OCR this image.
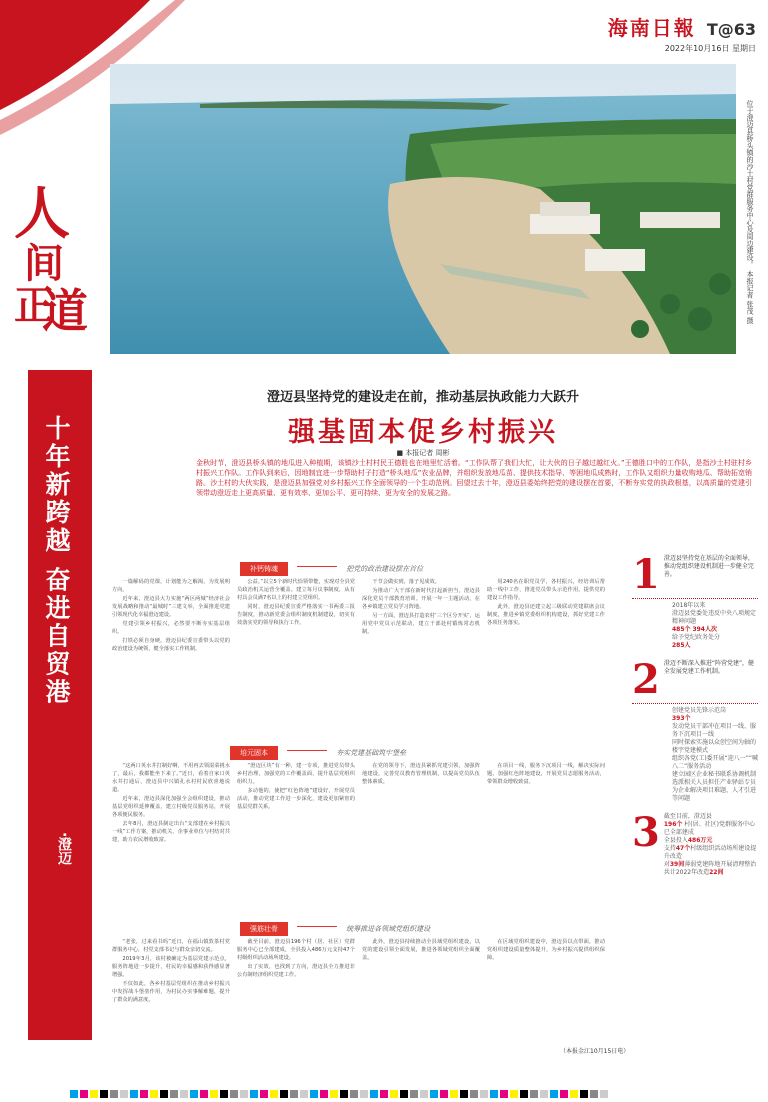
海南日報 T@63
2022年10月16日 星期日
位于澄迈县桥头镇的沙土村党群服务中心及周边建设。 本报记者 张茂 摄
人
间
正
道
十年新跨越 奋进自贸港
·澄迈
澄迈县坚持党的建设走在前，推动基层执政能力大跃升
强基固本促乡村振兴
■ 本报记者 周彬
金秋时节，澄迈县桥头镇的地瓜进入种植期，该镇沙土村村民王德胜也在地里忙活着。“工作队帮了我们大忙，让大伙的日子越过越红火。”王德胜口中的工作队，是指沙土村驻村乡村振兴工作队。工作队到来后，因地制宜进一步帮助村子打造“桥头地瓜”农业品牌，并组织发放地瓜苗、提供技术指导、等困地瓜成熟时，工作队又组织力量收购地瓜、帮助拓宽销路。沙土村的大伙实践，是澄迈县加强党对乡村振兴工作全面领导的一个生动范例。回望过去十年，澄迈县委始终把党的建设摆在首要，不断夯实党的执政根基，以高质量的党建引领带动澄迈走上更高质量、更有效率、更加公平、更可持续、更为安全的发展之路。
补钙铸魂	把党的政治建设摆在首位

一篇解码的党课，计划能为之解渴，为发展明方向。

近年来，澄迈县大力实施“两区两城”经济社会发展战略和推动“最城时”三建文举，全面推进党建引领现代化幸福澄迈建设。

党建引领乡村振兴，必然要不断夯实基层组织。

打铁必须自身硬。澄迈县纪委宣委带头以党的政治建设为统领，健全落实工作机制。

公益。”以立5个新时代恰领带能，实现对全县党员政治机关运营全覆盖。建立每月议事制度，从有村具会员满7名以上的村建立党组织。

同时，澄迈县纪委宣委严格落实一书两委三报告制度，推动新党委会组织制度机制建设，切实有效落实党的领导和执行工作。

干节会做实到，落子见成效。

为推动广大干部在新时代打起新担当，澄迈县深化党员干部教育培训。开展一年一主题活动，在各乡镇建立党员学习阵地。

另一方面，澄迈县打造农村‘三个区分开实’，运用党中党员示范联动，建立干部赴村锻炼常态机制。

用240名在职党员学，各村振兴，经培训后帮助一线中工作，推进党员带头示范作用，提供党的建设工作指导。

此外，澄迈县还建立起三级联动党建联席会议制度，推进乡镇党委组织机构建设，抓好党建工作各项任务落实。

培元固本	夯实党建基础筑牢堡垒

“这两口英水井打制好啊，不用再去领湿菜挑水了，最后，我都能坐下来了。”近日，看着自家口英水井打通后，澄迈县中兴镇孔水村村民欣喜地说道。

近年来，澄迈县深化加强全会组织建设，推动基层党组织延伸覆盖，建立村级党员服务站，开展各项便民服务。

去年8月，澄迈县制定出台“支部建在乡村振兴一线”工作方案，推动机关、企事业单位与村结对共建，助力农民增收致富。

“澄迈区块”有一种，建一专项，推进党员带头乡村治理，加强党的工作覆盖面，提升基层党组织组织力。

多动他的，使把“红色阵地”建设好，开展党员活动，推动党建工作进一步深化，建设更加紧密的基层党群关系。

在党的领导下，澄迈县紧抓党建引领，加强阵地建设，完善党员教育管理机制，以提高党员队伍整体素质。

在项目一线，服务下沉项目一线，解决实际问题，加强红色阵地建设，开展党员志愿服务活动，带领群众增收致富。

强筋壮骨	统筹推进各领域党组织建设

“老张，过来看书吗”近日，在福山镇敦茶村党群服务中心，村党支部书记与群众亲切交流。

2019年3月，该村被确定为基层党建示范点，服务阵地进一步提升，村民的幸福感和获得感显著增强。

不仅如此，各乡村基层党组织在推动乡村振兴中发挥战斗堡垒作用，为村民办实事解难题，提升了群众的满意度。

截至目前，澄迈县196个村（居、社区）党群服务中心已全部建成，全县投入486万元支持47个村级组织活动场所建设。

出了实效，也找到了方向，澄迈县全力推进非公有制经济组织党建工作。

此外，澄迈县持续推动全县域党组织建设，以党的建设引领全面发展，推进各领域党组织全面覆盖。

在区域党组织建设中，澄迈县以点带面，推动党组织建设质量整体提升，为乡村振兴提供组织保障。

（本报金江10月15日电）
1 澄迈县坚持党在基层的全面领导，推动党组织建设机制进一步健全完善。
2018年以来
澄迈县党委处违反中央八项规定精神问题
485个 394人次
给予党纪政务处分
285人
2 澄迈不断深入推进“阵营党建”，健全发展党建工作机制。
创建党员先锋示范岗
393个
发动党员干部冲在项目一线、服务下沉项目一线
同时探索实施以众创空间为轴的楼宇党建模式
组织各党(工)委开展“迎八一”“喊八二”服务活动
建立园区企业秘书联系协调机制
选派相关人员担任产业驿站专员
为企业解决项目难题、人才引进等问题
3 截至目前，澄迈县
196个 村(居、社区)党群服务中心已全部建成
全县投入486万元
支持47个村级组织活动场所建设提升改造
对39间薄弱党建阵地开展清理整治
共计2022年改造22间
